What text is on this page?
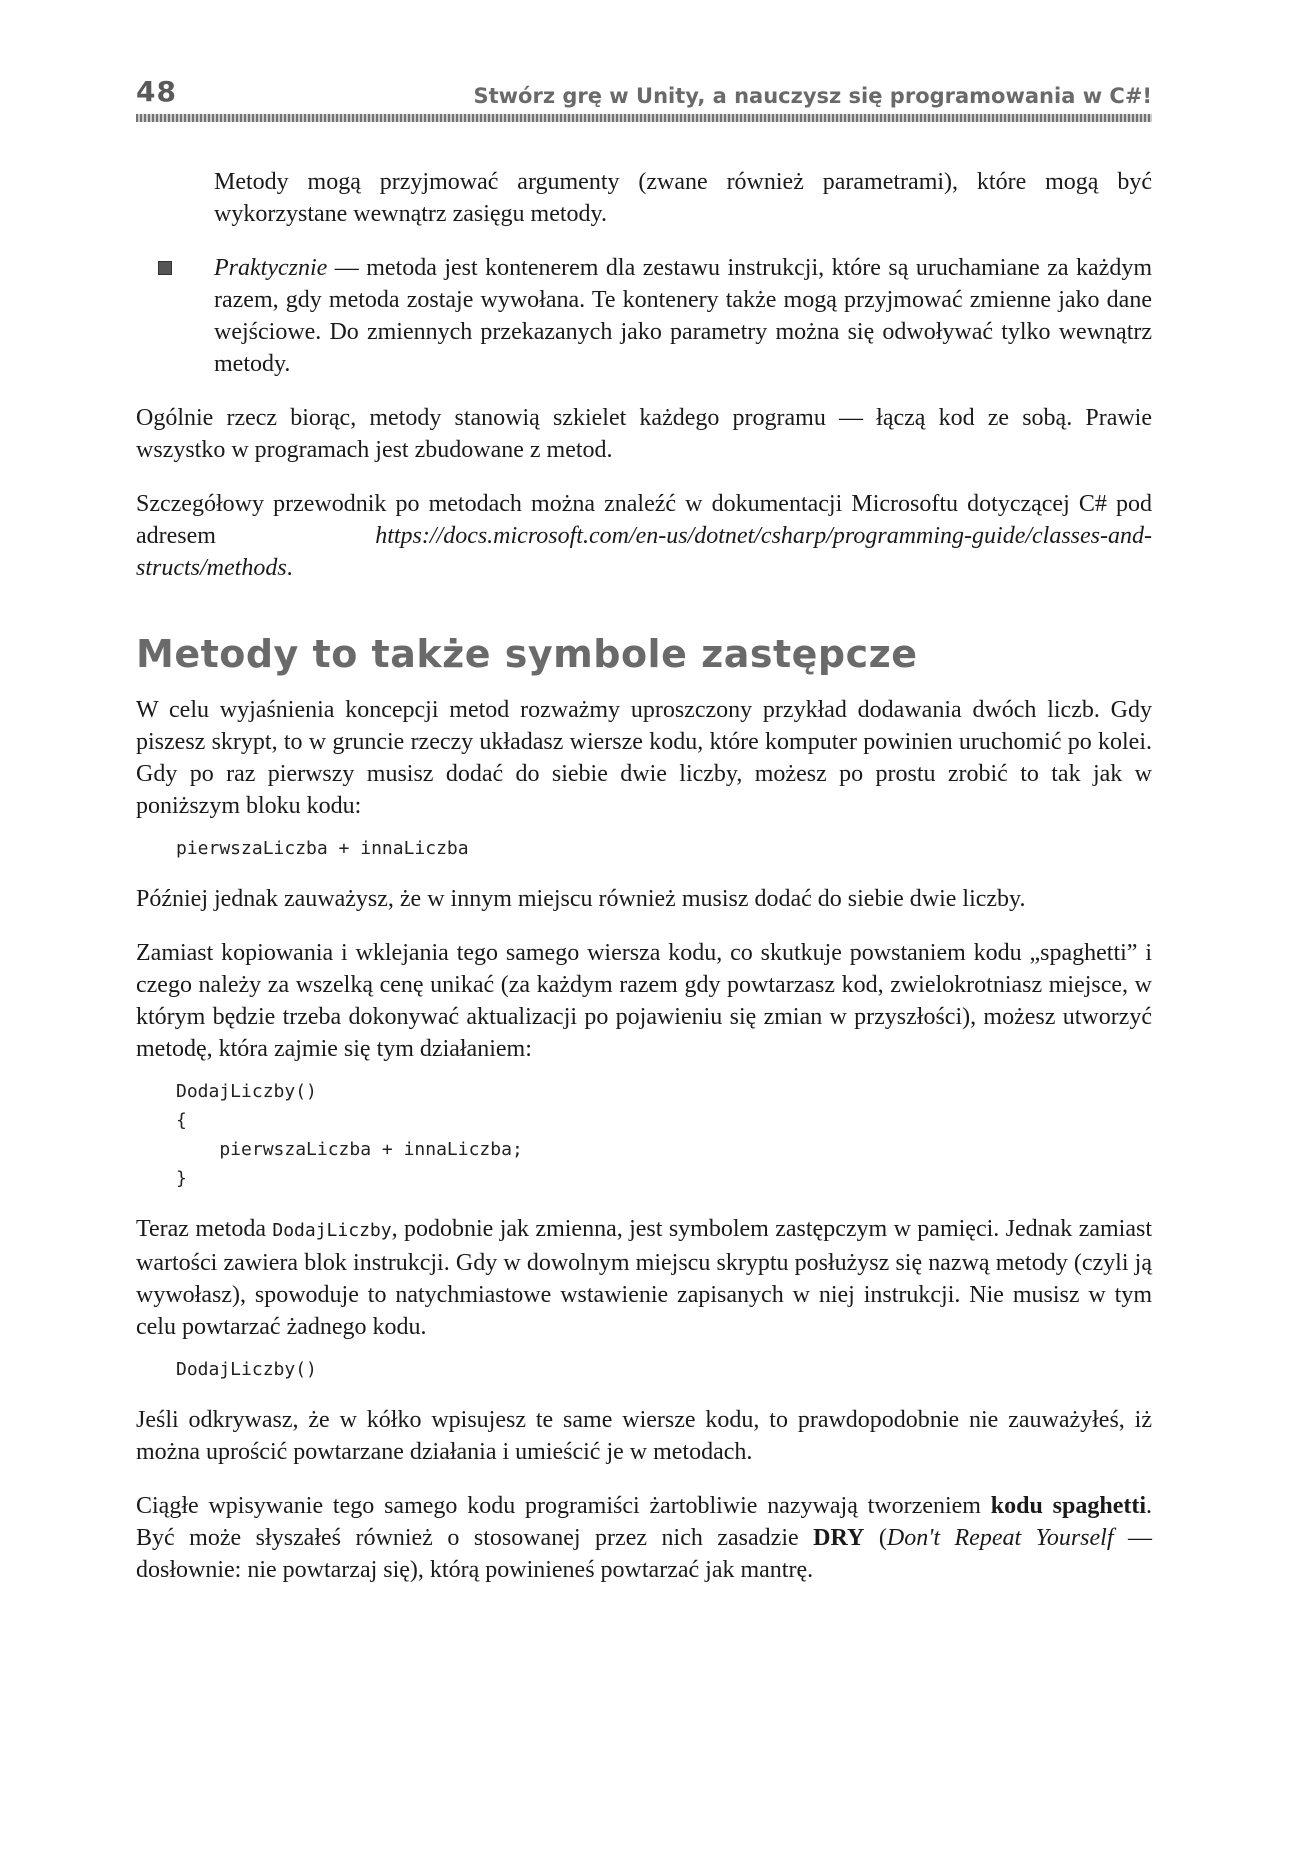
48	Stwórz grę w Unity, a nauczysz się programowania w C#!

Metody mogą przyjmować argumenty (zwane również parametrami), które mogą być wykorzystane wewnątrz zasięgu metody.

Praktycznie — metoda jest kontenerem dla zestawu instrukcji, które są uruchamiane za każdym razem, gdy metoda zostaje wywołana. Te kontenery także mogą przyjmować zmienne jako dane wejściowe. Do zmiennych przekazanych jako parametry można się odwoływać tylko wewnątrz metody.

Ogólnie rzecz biorąc, metody stanowią szkielet każdego programu — łączą kod ze sobą. Prawie wszystko w programach jest zbudowane z metod.

Szczegółowy przewodnik po metodach można znaleźć w dokumentacji Microsoftu dotyczącej C# pod adresem https://docs.microsoft.com/en-us/dotnet/csharp/programming-guide/classes-and-structs/methods.

Metody to także symbole zastępcze

W celu wyjaśnienia koncepcji metod rozważmy uproszczony przykład dodawania dwóch liczb. Gdy piszesz skrypt, to w gruncie rzeczy układasz wiersze kodu, które komputer powinien uruchomić po kolei. Gdy po raz pierwszy musisz dodać do siebie dwie liczby, możesz po prostu zrobić to tak jak w poniższym bloku kodu:

pierwszaLiczba + innaLiczba

Później jednak zauważysz, że w innym miejscu również musisz dodać do siebie dwie liczby.

Zamiast kopiowania i wklejania tego samego wiersza kodu, co skutkuje powstaniem kodu „spaghetti” i czego należy za wszelką cenę unikać (za każdym razem gdy powtarzasz kod, zwielokrotniasz miejsce, w którym będzie trzeba dokonywać aktualizacji po pojawieniu się zmian w przyszłości), możesz utworzyć metodę, która zajmie się tym działaniem:

DodajLiczby()
{
pierwszaLiczba + innaLiczba;
}

Teraz metoda DodajLiczby, podobnie jak zmienna, jest symbolem zastępczym w pamięci. Jednak zamiast wartości zawiera blok instrukcji. Gdy w dowolnym miejscu skryptu posłużysz się nazwą metody (czyli ją wywołasz), spowoduje to natychmiastowe wstawienie zapisanych w niej instrukcji. Nie musisz w tym celu powtarzać żadnego kodu.

DodajLiczby()

Jeśli odkrywasz, że w kółko wpisujesz te same wiersze kodu, to prawdopodobnie nie zauważyłeś, iż można uprościć powtarzane działania i umieścić je w metodach.

Ciągłe wpisywanie tego samego kodu programiści żartobliwie nazywają tworzeniem kodu spaghetti. Być może słyszałeś również o stosowanej przez nich zasadzie DRY (Don't Repeat Yourself — dosłownie: nie powtarzaj się), którą powinieneś powtarzać jak mantrę.
